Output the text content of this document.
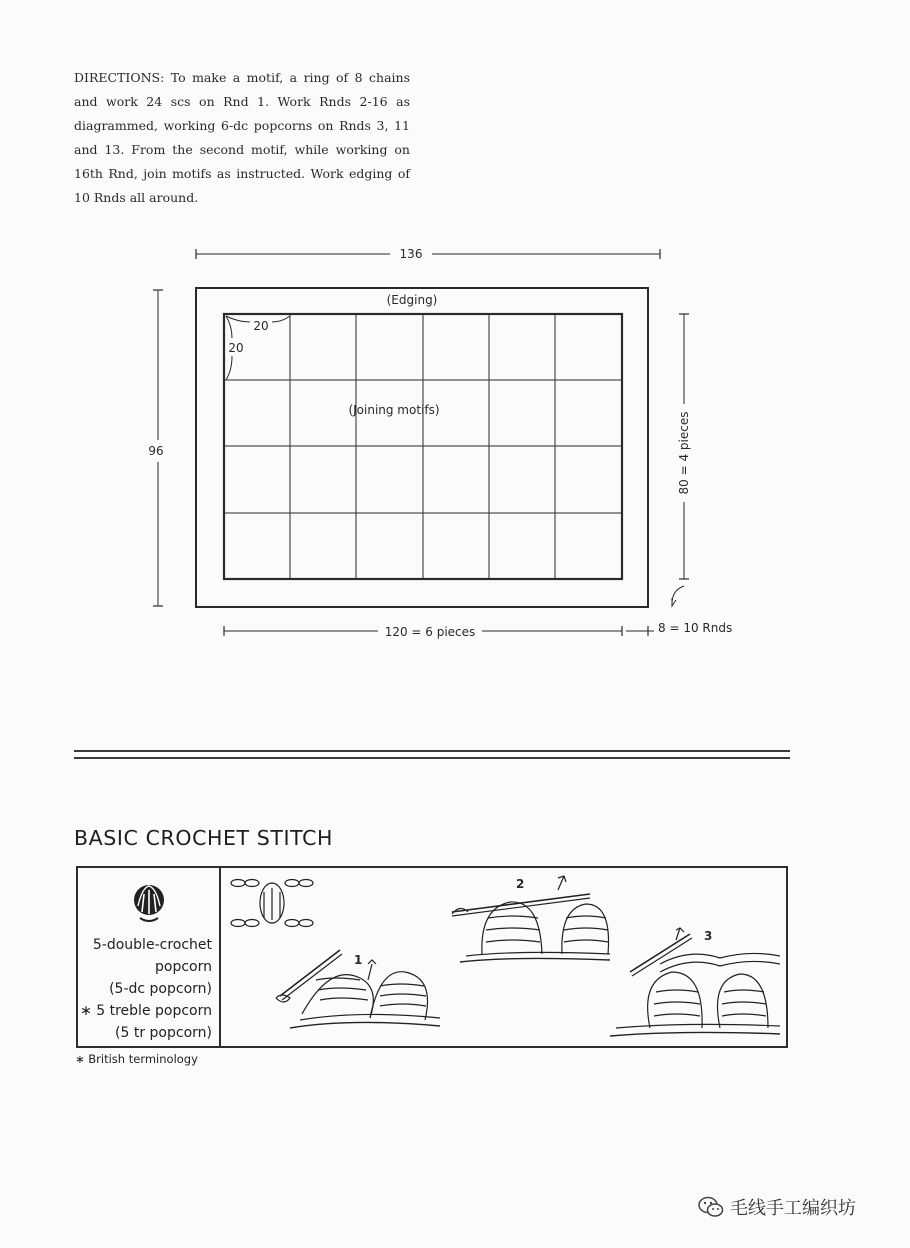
DIRECTIONS: To make a motif, a ring of 8 chains and work 24 scs on Rnd 1. Work Rnds 2-16 as diagrammed, working 6-dc popcorns on Rnds 3, 11 and 13. From the second motif, while working on 16th Rnd, join motifs as instructed. Work edging of 10 Rnds all around.

136
96
(Edging)
(Joining motifs)
20
20
80 = 4 pieces
120 = 6 pieces	8 = 10 Rnds
BASIC CROCHET STITCH
5-double-crochet
popcorn
(5-dc popcorn)
∗ 5 treble popcorn
(5 tr popcorn)
1
2
3
∗ British terminology
毛线手工编织坊
